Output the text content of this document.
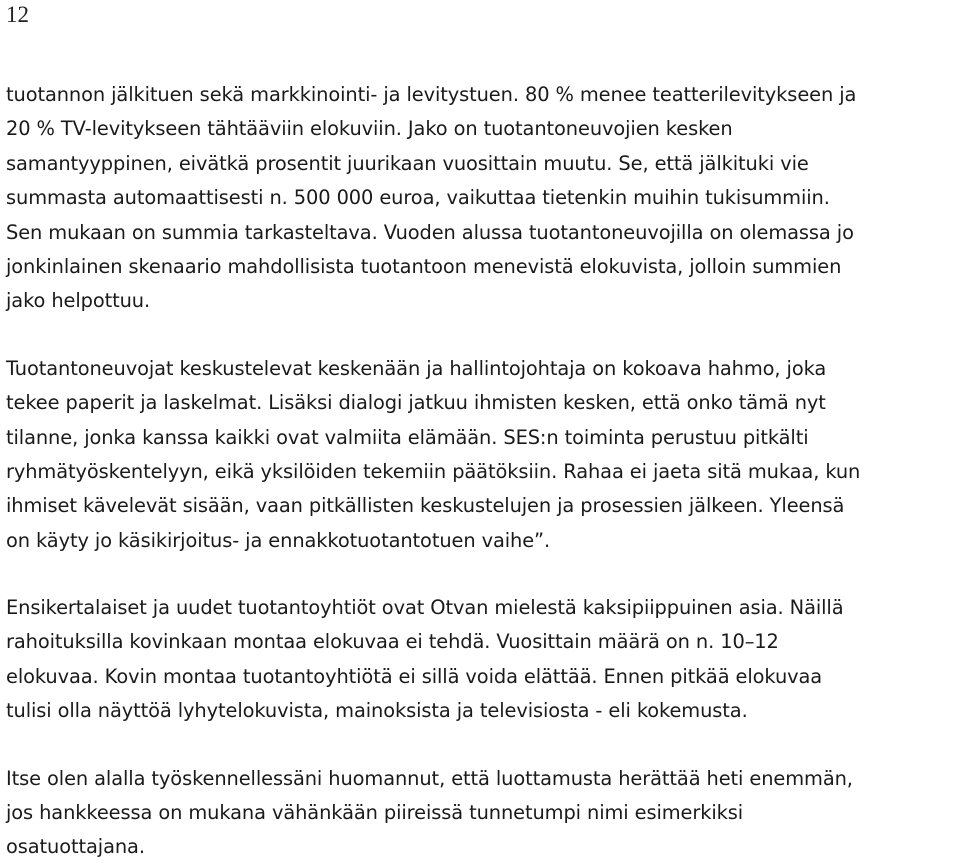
12
tuotannon jälkituen sekä markkinointi- ja levitystuen. 80 % menee teatterilevitykseen ja
20 % TV-levitykseen tähtääviin elokuviin. Jako on tuotantoneuvojien kesken
samantyyppinen, eivätkä prosentit juurikaan vuosittain muutu. Se, että jälkituki vie
summasta automaattisesti n. 500 000 euroa, vaikuttaa tietenkin muihin tukisummiin.
Sen mukaan on summia tarkasteltava. Vuoden alussa tuotantoneuvojilla on olemassa jo
jonkinlainen skenaario mahdollisista tuotantoon menevistä elokuvista, jolloin summien
jako helpottuu.
Tuotantoneuvojat keskustelevat keskenään ja hallintojohtaja on kokoava hahmo, joka
tekee paperit ja laskelmat. Lisäksi dialogi jatkuu ihmisten kesken, että onko tämä nyt
tilanne, jonka kanssa kaikki ovat valmiita elämään. SES:n toiminta perustuu pitkälti
ryhmätyöskentelyyn, eikä yksilöiden tekemiin päätöksiin. Rahaa ei jaeta sitä mukaa, kun
ihmiset kävelevät sisään, vaan pitkällisten keskustelujen ja prosessien jälkeen. Yleensä
on käyty jo käsikirjoitus- ja ennakkotuotantotuen vaihe”.
Ensikertalaiset ja uudet tuotantoyhtiöt ovat Otvan mielestä kaksipiippuinen asia. Näillä
rahoituksilla kovinkaan montaa elokuvaa ei tehdä. Vuosittain määrä on n. 10–12
elokuvaa. Kovin montaa tuotantoyhtiötä ei sillä voida elättää. Ennen pitkää elokuvaa
tulisi olla näyttöä lyhytelokuvista, mainoksista ja televisiosta - eli kokemusta.
Itse olen alalla työskennellessäni huomannut, että luottamusta herättää heti enemmän,
jos hankkeessa on mukana vähänkään piireissä tunnetumpi nimi esimerkiksi
osatuottajana.
